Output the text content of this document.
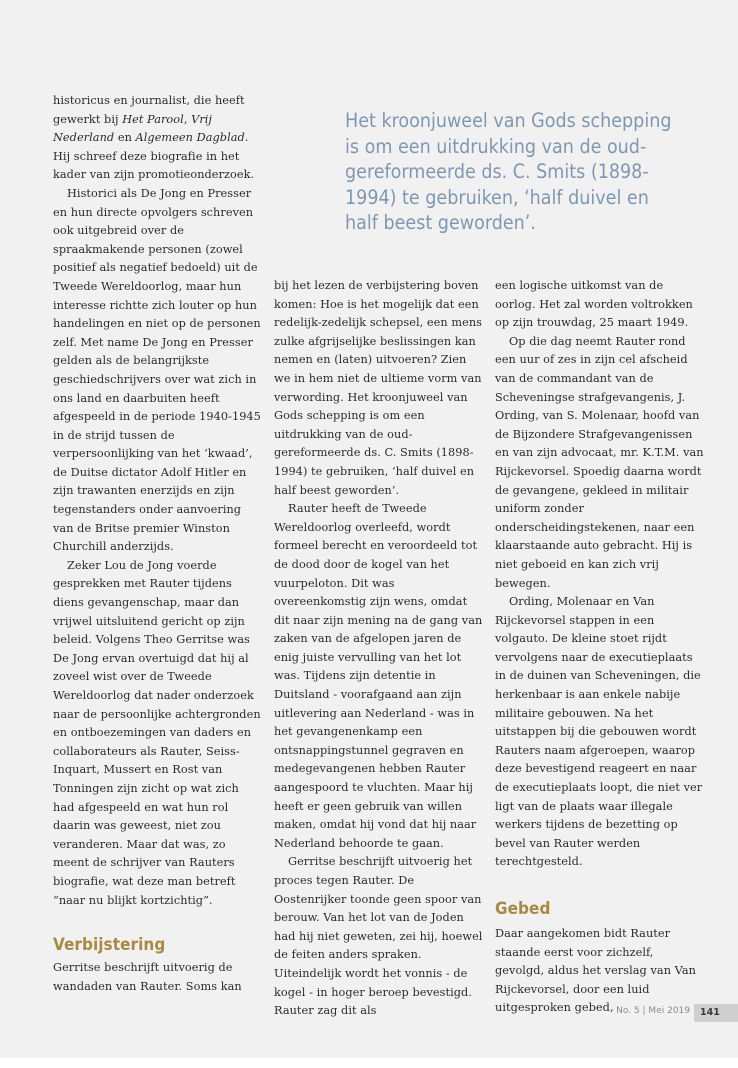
historicus en journalist, die heeft gewerkt bij Het Parool, Vrij Nederland en Algemeen Dagblad. Hij schreef deze biografie in het kader van zijn promotieonderzoek.

Historici als De Jong en Presser en hun directe opvolgers schreven ook uitgebreid over de spraakmakende personen (zowel positief als negatief bedoeld) uit de Tweede Wereldoorlog, maar hun interesse richtte zich louter op hun handelingen en niet op de personen zelf. Met name De Jong en Presser gelden als de belangrijkste geschiedschrijvers over wat zich in ons land en daarbuiten heeft afgespeeld in de periode 1940-1945 in de strijd tussen de verpersoonlijking van het ‘kwaad’, de Duitse dictator Adolf Hitler en zijn trawanten enerzijds en zijn tegenstanders onder aanvoering van de Britse premier Winston Churchill anderzijds.

Zeker Lou de Jong voerde gesprekken met Rauter tijdens diens gevangenschap, maar dan vrijwel uitsluitend gericht op zijn beleid. Volgens Theo Gerritse was De Jong ervan overtuigd dat hij al zoveel wist over de Tweede Wereldoorlog dat nader onderzoek naar de persoonlijke achtergronden en ontboezemingen van daders en collaborateurs als Rauter, Seiss-Inquart, Mussert en Rost van Tonningen zijn zicht op wat zich had afgespeeld en wat hun rol daarin was geweest, niet zou veranderen. Maar dat was, zo meent de schrijver van Rauters biografie, wat deze man betreft “naar nu blijkt kortzichtig”.

Verbijstering

Gerritse beschrijft uitvoerig de wandaden van Rauter. Soms kan

Het kroonjuweel van Gods schepping is om een uitdrukking van de oud-gereformeerde ds. C. Smits (1898-1994) te gebruiken, ‘half duivel en half beest geworden’.

bij het lezen de verbijstering boven komen: Hoe is het mogelijk dat een redelijk-zedelijk schepsel, een mens zulke afgrijselijke beslissingen kan nemen en (laten) uitvoeren? Zien we in hem niet de ultieme vorm van verwording. Het kroonjuweel van Gods schepping is om een uitdrukking van de oud-gereformeerde ds. C. Smits (1898-1994) te gebruiken, ‘half duivel en half beest geworden’.

Rauter heeft de Tweede Wereldoorlog overleefd, wordt formeel berecht en veroordeeld tot de dood door de kogel van het vuurpeloton. Dit was overeenkomstig zijn wens, omdat dit naar zijn mening na de gang van zaken van de afgelopen jaren de enig juiste vervulling van het lot was. Tijdens zijn detentie in Duitsland - voorafgaand aan zijn uitlevering aan Nederland - was in het gevangenenkamp een ontsnappingstunnel gegraven en medegevangenen hebben Rauter aangespoord te vluchten. Maar hij heeft er geen gebruik van willen maken, omdat hij vond dat hij naar Nederland behoorde te gaan.

Gerritse beschrijft uitvoerig het proces tegen Rauter. De Oostenrijker toonde geen spoor van berouw. Van het lot van de Joden had hij niet geweten, zei hij, hoewel de feiten anders spraken. Uiteindelijk wordt het vonnis - de kogel - in hoger beroep bevestigd. Rauter zag dit als

een logische uitkomst van de oorlog. Het zal worden voltrokken op zijn trouwdag, 25 maart 1949.

Op die dag neemt Rauter rond een uur of zes in zijn cel afscheid van de commandant van de Scheveningse strafgevangenis, J. Ording, van S. Molenaar, hoofd van de Bijzondere Strafgevangenissen en van zijn advocaat, mr. K.T.M. van Rijckevorsel. Spoedig daarna wordt de gevangene, gekleed in militair uniform zonder onderscheidingstekenen, naar een klaarstaande auto gebracht. Hij is niet geboeid en kan zich vrij bewegen.

Ording, Molenaar en Van Rijckevorsel stappen in een volgauto. De kleine stoet rijdt vervolgens naar de executieplaats in de duinen van Scheveningen, die herkenbaar is aan enkele nabije militaire gebouwen. Na het uitstappen bij die gebouwen wordt Rauters naam afgeroepen, waarop deze bevestigend reageert en naar de executieplaats loopt, die niet ver ligt van de plaats waar illegale werkers tijdens de bezetting op bevel van Rauter werden terechtgesteld.

Gebed

Daar aangekomen bidt Rauter staande eerst voor zichzelf, gevolgd, aldus het verslag van Van Rijckevorsel, door een luid uitgesproken gebed, No. 5 | Mei 2019	141
